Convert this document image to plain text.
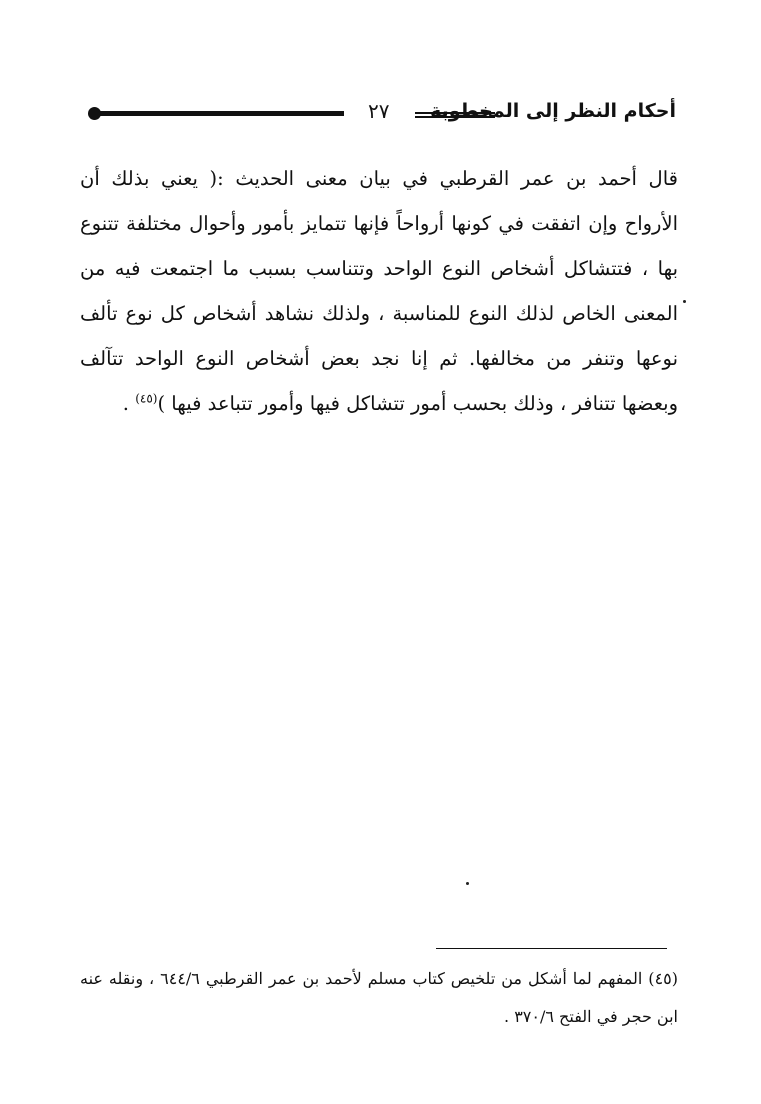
أحكام النظر إلى المخطوبة
٢٧
قال أحمد بن عمر القرطبي في بيان معنى الحديث :( يعني بذلك أن
الأرواح وإن اتفقت في كونها أرواحاً فإنها تتمايز بأمور وأحوال مختلفة تتنوع
بها ، فتتشاكل أشخاص النوع الواحد وتتناسب بسبب ما اجتمعت فيه من
المعنى الخاص لذلك النوع للمناسبة ، ولذلك نشاهد أشخاص كل نوع تألف
نوعها وتنفر من مخالفها. ثم إنا نجد بعض أشخاص النوع الواحد تتآلف
وبعضها تتنافر ، وذلك بحسب أمور تتشاكل فيها وأمور تتباعد فيها )$^{(٤٥)}$ .
(٤٥) المفهم لما أشكل من تلخيص كتاب مسلم لأحمد بن عمر القرطبي ٦٤٤/٦ ، ونقله عنه
ابن حجر في الفتح ٣٧٠/٦ .
